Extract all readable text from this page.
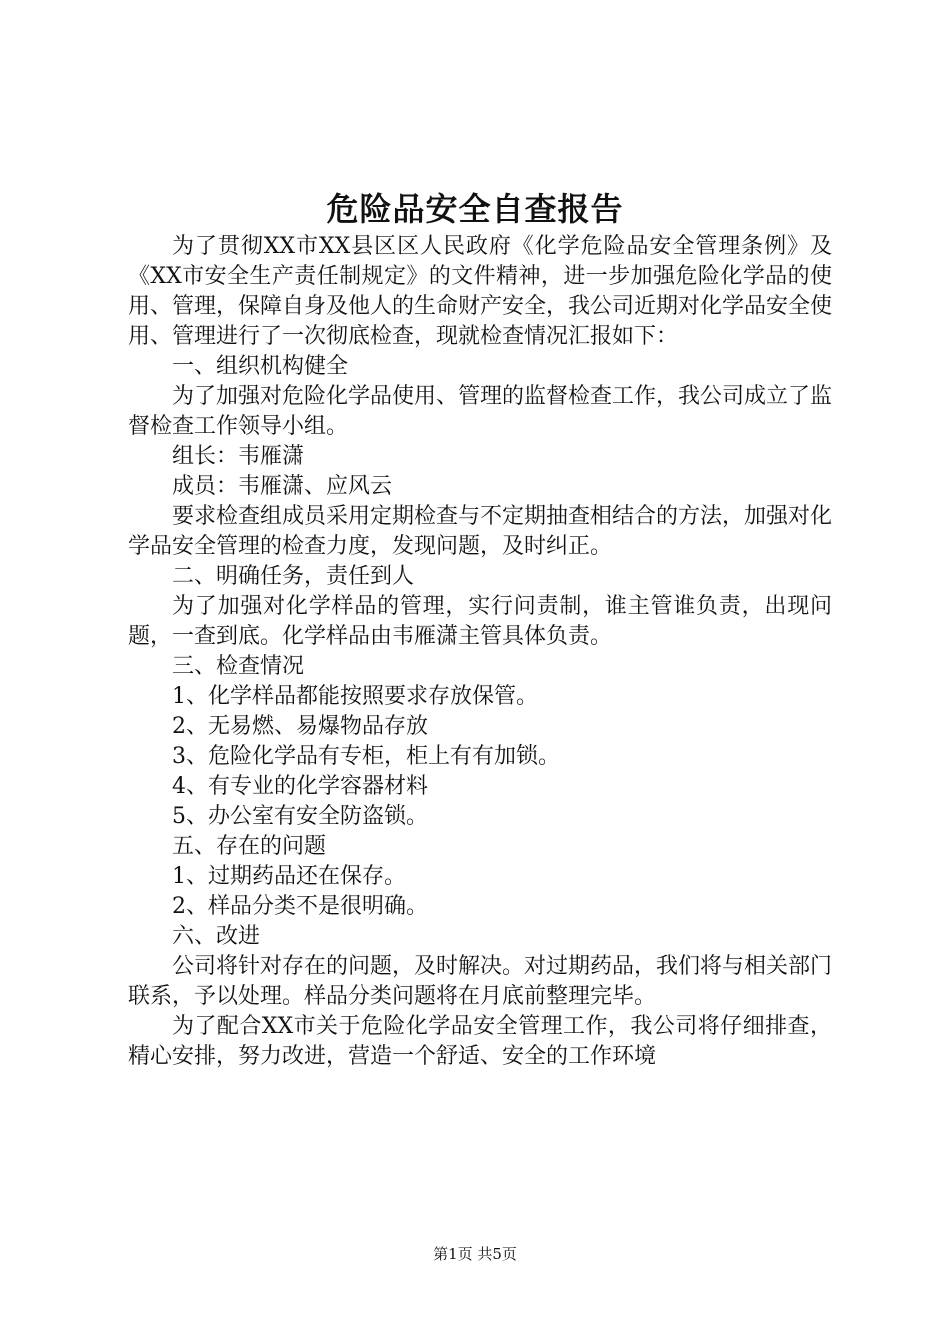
危险品安全自查报告

为了贯彻XX市XX县区区人民政府《化学危险品安全管理条例》及《XX市安全生产责任制规定》的文件精神，进一步加强危险化学品的使用、管理，保障自身及他人的生命财产安全，我公司近期对化学品安全使用、管理进行了一次彻底检查，现就检查情况汇报如下：

一、组织机构健全

为了加强对危险化学品使用、管理的监督检查工作，我公司成立了监督检查工作领导小组。

组长：韦雁潇

成员：韦雁潇、应风云

要求检查组成员采用定期检查与不定期抽查相结合的方法，加强对化学品安全管理的检查力度，发现问题，及时纠正。

二、明确任务，责任到人

为了加强对化学样品的管理，实行问责制，谁主管谁负责，出现问题，一查到底。化学样品由韦雁潇主管具体负责。

三、检查情况

1、化学样品都能按照要求存放保管。

2、无易燃、易爆物品存放

3、危险化学品有专柜，柜上有有加锁。

4、有专业的化学容器材料

5、办公室有安全防盗锁。

五、存在的问题

1、过期药品还在保存。

2、样品分类不是很明确。

六、改进

公司将针对存在的问题，及时解决。对过期药品，我们将与相关部门联系，予以处理。样品分类问题将在月底前整理完毕。

为了配合XX市关于危险化学品安全管理工作，我公司将仔细排查，精心安排，努力改进，营造一个舒适、安全的工作环境

第1页 共5页
